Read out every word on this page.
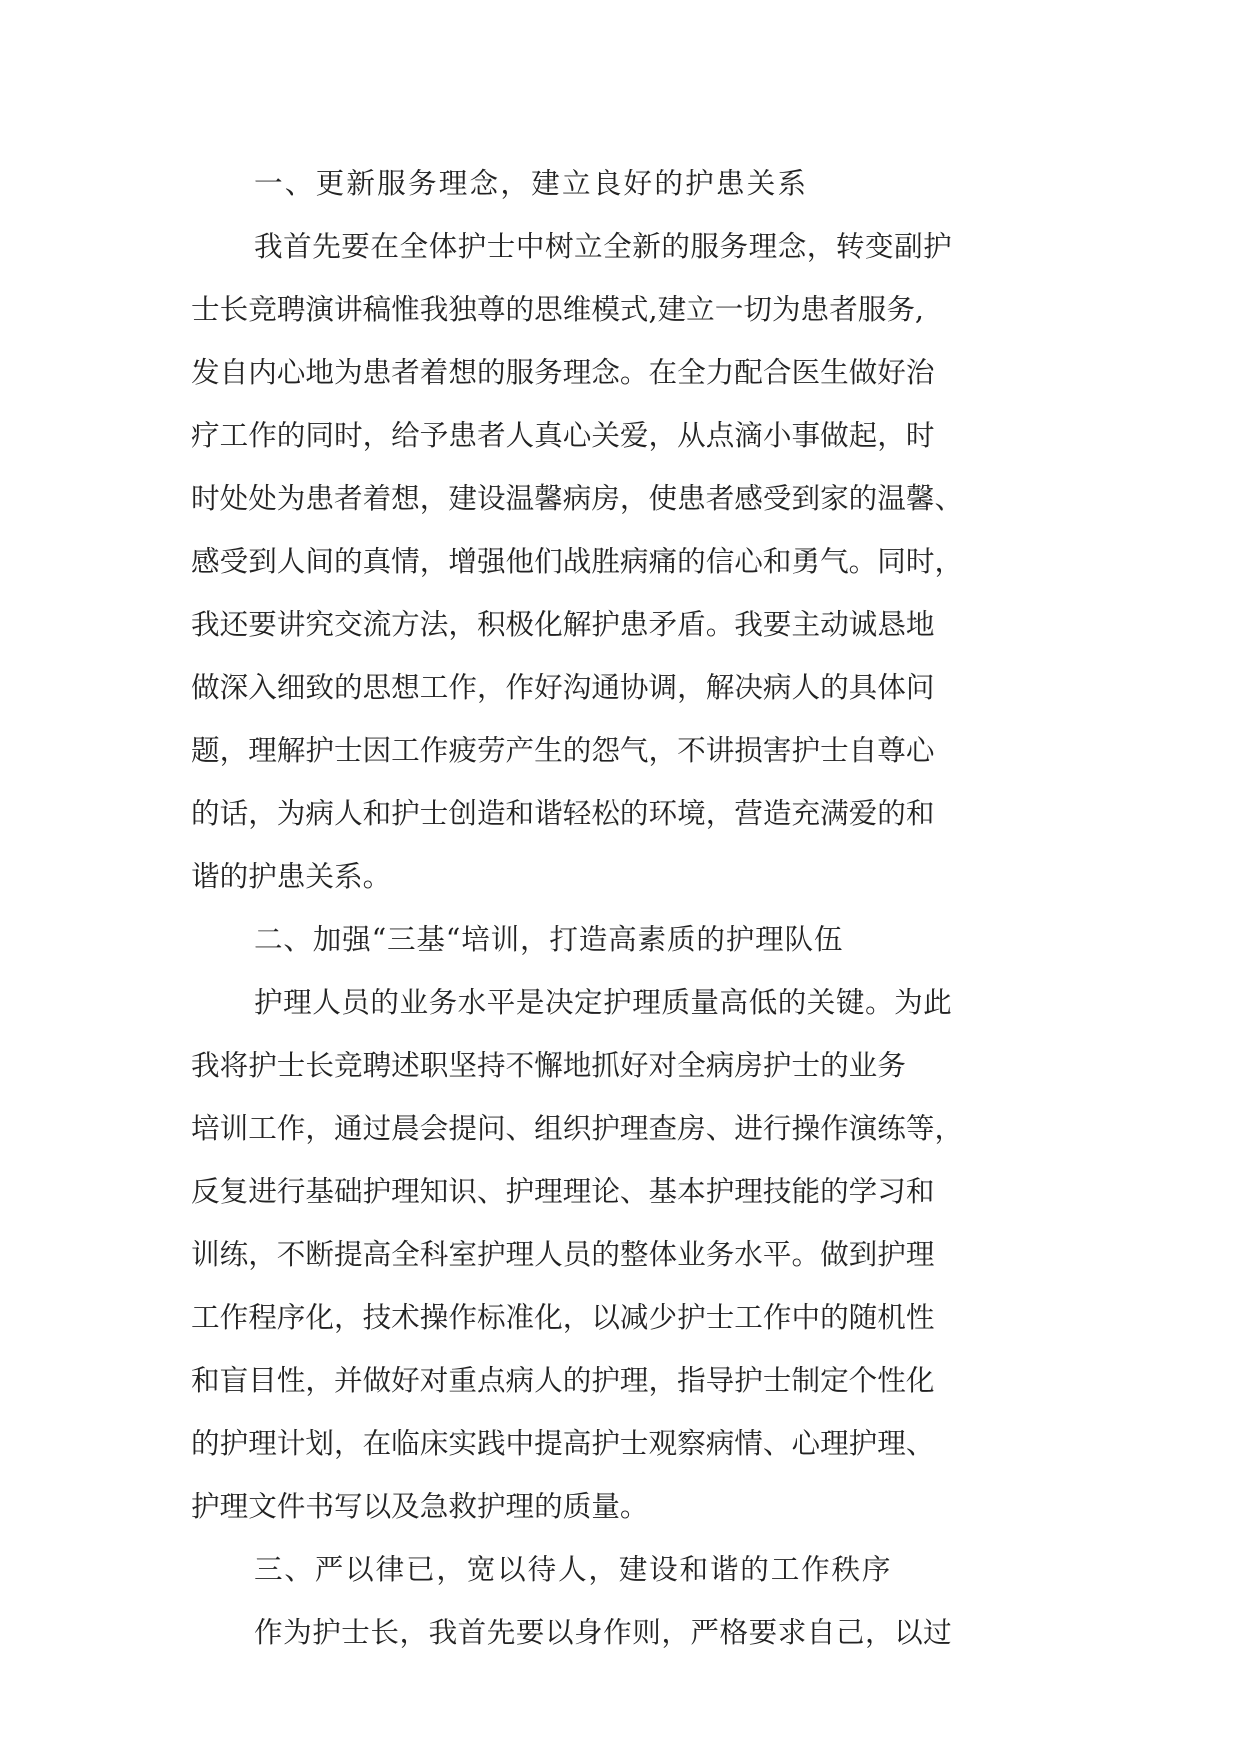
一、更新服务理念，建立良好的护患关系
我首先要在全体护士中树立全新的服务理念，转变副护
士长竞聘演讲稿惟我独尊的思维模式,建立一切为患者服务,
发自内心地为患者着想的服务理念。在全力配合医生做好治
疗工作的同时，给予患者人真心关爱，从点滴小事做起，时
时处处为患者着想，建设温馨病房，使患者感受到家的温馨、
感受到人间的真情，增强他们战胜病痛的信心和勇气。同时，
我还要讲究交流方法，积极化解护患矛盾。我要主动诚恳地
做深入细致的思想工作，作好沟通协调，解决病人的具体问
题，理解护士因工作疲劳产生的怨气，不讲损害护士自尊心
的话，为病人和护士创造和谐轻松的环境，营造充满爱的和
谐的护患关系。
二、加强“三基“培训，打造高素质的护理队伍
护理人员的业务水平是决定护理质量高低的关键。为此
我将护士长竞聘述职坚持不懈地抓好对全病房护士的业务
培训工作，通过晨会提问、组织护理查房、进行操作演练等，
反复进行基础护理知识、护理理论、基本护理技能的学习和
训练，不断提高全科室护理人员的整体业务水平。做到护理
工作程序化，技术操作标准化，以减少护士工作中的随机性
和盲目性，并做好对重点病人的护理，指导护士制定个性化
的护理计划，在临床实践中提高护士观察病情、心理护理、
护理文件书写以及急救护理的质量。
三、严以律已，宽以待人，建设和谐的工作秩序
作为护士长，我首先要以身作则，严格要求自己，以过
